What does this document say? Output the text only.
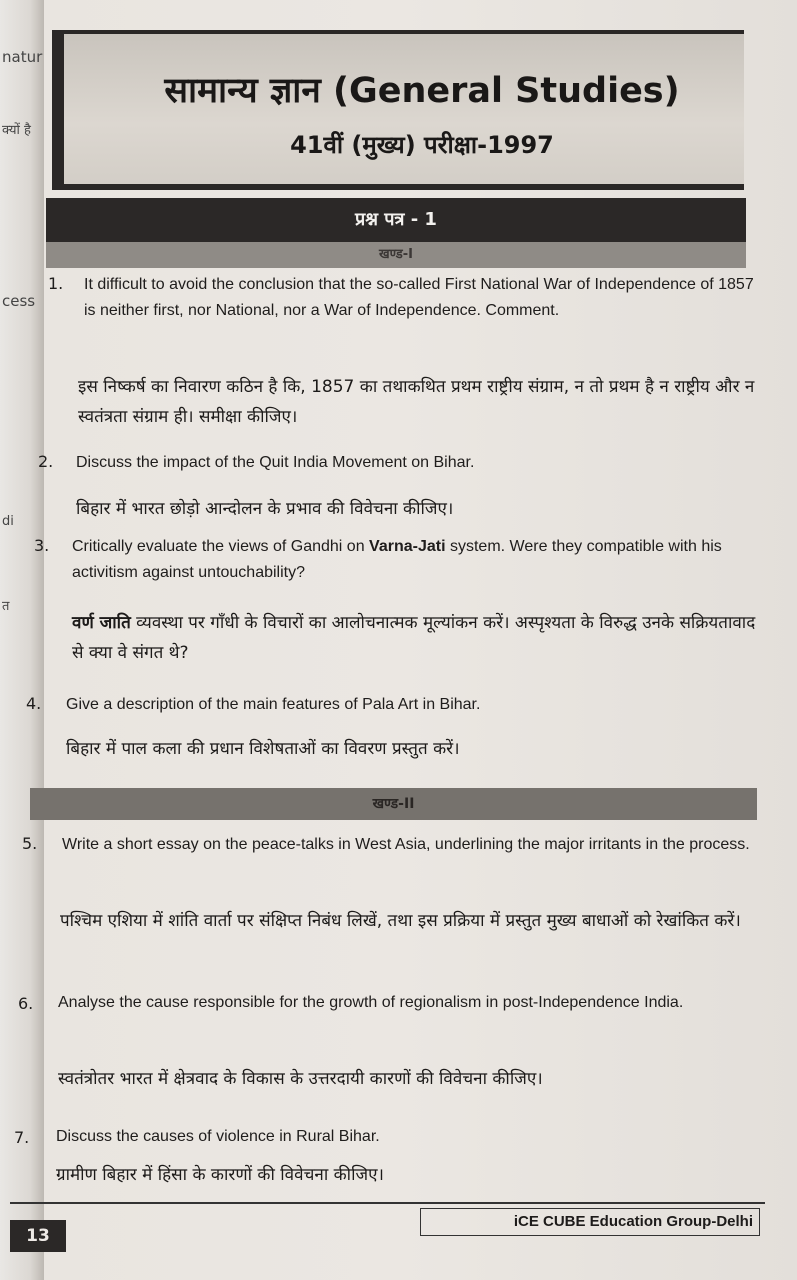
natur
क्यों है
cess
di
त
सामान्य ज्ञान (General Studies)
41वीं (मुख्य) परीक्षा-1997
प्रश्न पत्र - 1
खण्ड-I
1. It difficult to avoid the conclusion that the so-called First National War of Independence of 1857 is neither first, nor National, nor a War of Independence. Comment.
इस निष्कर्ष का निवारण कठिन है कि, 1857 का तथाकथित प्रथम राष्ट्रीय संग्राम, न तो प्रथम है न राष्ट्रीय और न स्वतंत्रता संग्राम ही। समीक्षा कीजिए।
2. Discuss the impact of the Quit India Movement on Bihar.
बिहार में भारत छोड़ो आन्दोलन के प्रभाव की विवेचना कीजिए।
3. Critically evaluate the views of Gandhi on Varna-Jati system. Were they compatible with his activitism against untouchability?
वर्ण जाति व्यवस्था पर गाँधी के विचारों का आलोचनात्मक मूल्यांकन करें। अस्पृश्यता के विरुद्ध उनके सक्रियतावाद से क्या वे संगत थे?
4. Give a description of the main features of Pala Art in Bihar.
बिहार में पाल कला की प्रधान विशेषताओं का विवरण प्रस्तुत करें।
खण्ड-II
5. Write a short essay on the peace-talks in West Asia, underlining the major irritants in the process.
पश्चिम एशिया में शांति वार्ता पर संक्षिप्त निबंध लिखें, तथा इस प्रक्रिया में प्रस्तुत मुख्य बाधाओं को रेखांकित करें।
6. Analyse the cause responsible for the growth of regionalism in post-Independence India.
स्वतंत्रोतर भारत में क्षेत्रवाद के विकास के उत्तरदायी कारणों की विवेचना कीजिए।
7. Discuss the causes of violence in Rural Bihar.
ग्रामीण बिहार में हिंसा के कारणों की विवेचना कीजिए।
iCE CUBE Education Group-Delhi
13
